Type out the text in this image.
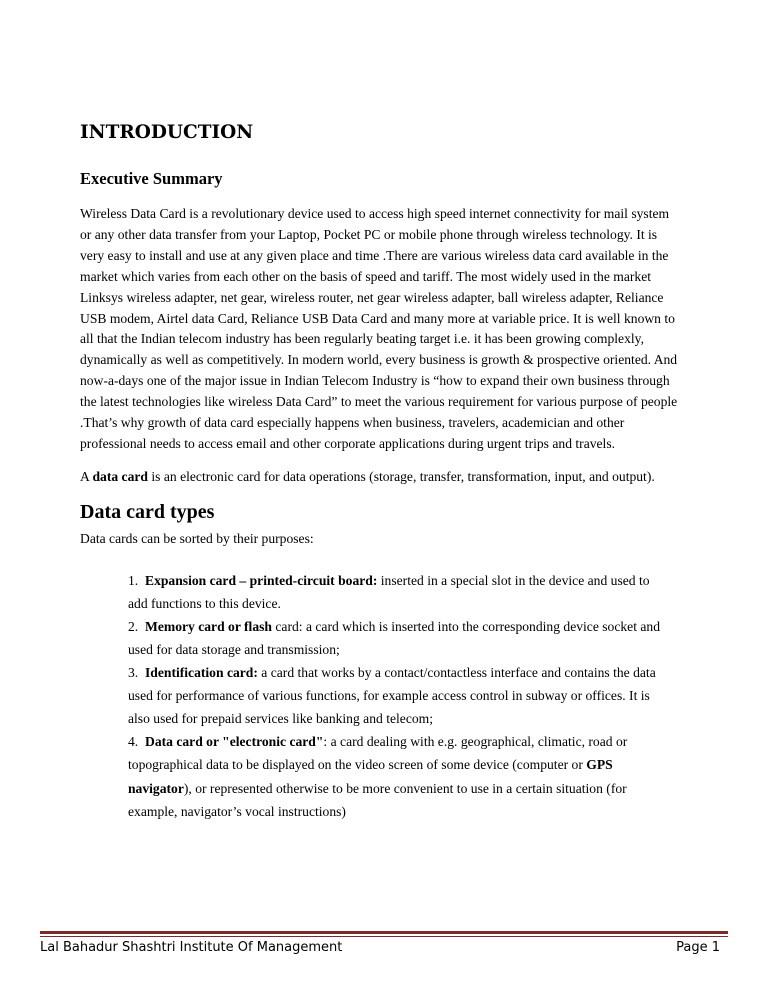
INTRODUCTION
Executive Summary

Wireless Data Card is a revolutionary device used to access high speed internet connectivity for mail system or any other data transfer from your Laptop, Pocket PC or mobile phone through wireless technology. It is very easy to install and use at any given place and time .There are various wireless data card available in the market which varies from each other on the basis of speed and tariff. The most widely used in the market Linksys wireless adapter, net gear, wireless router, net gear wireless adapter, ball wireless adapter, Reliance USB modem, Airtel data Card, Reliance USB Data Card and many more at variable price. It is well known to all that the Indian telecom industry has been regularly beating target i.e. it has been growing complexly, dynamically as well as competitively. In modern world, every business is growth & prospective oriented. And now-a-days one of the major issue in Indian Telecom Industry is “how to expand their own business through the latest technologies like wireless Data Card” to meet the various requirement for various purpose of people .That’s why growth of data card especially happens when business, travelers, academician and other professional needs to access email and other corporate applications during urgent trips and travels.

A data card is an electronic card for data operations (storage, transfer, transformation, input, and output).

Data card types

Data cards can be sorted by their purposes:

1. Expansion card – printed-circuit board: inserted in a special slot in the device and used to add functions to this device.
2. Memory card or flash card: a card which is inserted into the corresponding device socket and used for data storage and transmission;
3. Identification card: a card that works by a contact/contactless interface and contains the data used for performance of various functions, for example access control in subway or offices. It is also used for prepaid services like banking and telecom;
4. Data card or "electronic card": a card dealing with e.g. geographical, climatic, road or topographical data to be displayed on the video screen of some device (computer or GPS navigator), or represented otherwise to be more convenient to use in a certain situation (for example, navigator’s vocal instructions)
Lal Bahadur Shashtri Institute Of Management	Page 1
